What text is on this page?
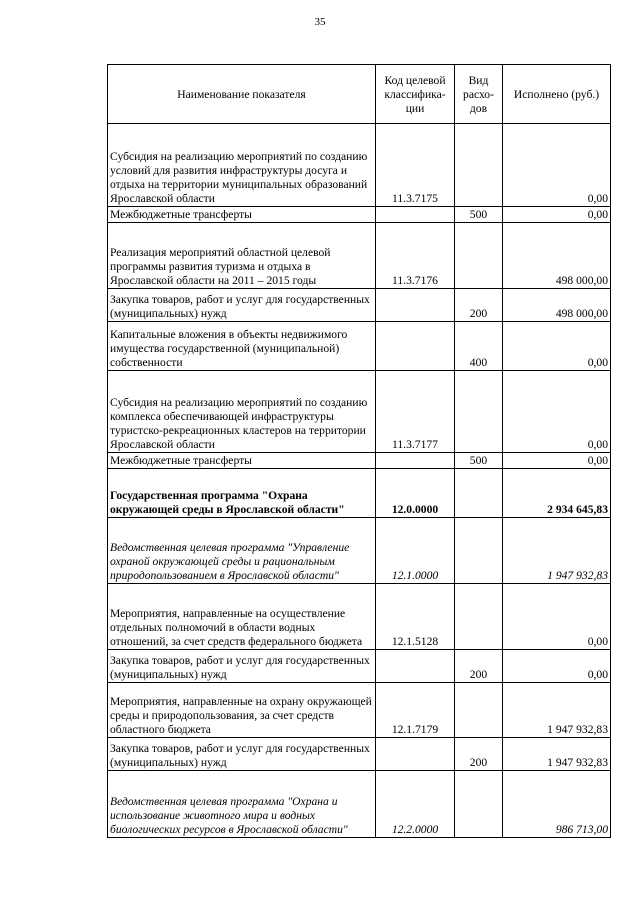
35
Наименование показателя	Код целевой классифика-ции	Вид расхо-дов	Исполнено (руб.)
Субсидия на реализацию мероприятий по созданию условий для развития инфраструктуры досуга и отдыха на территории муниципальных образований Ярославской области	11.3.7175		0,00
Межбюджетные трансферты		500	0,00
Реализация мероприятий областной целевой программы развития туризма и отдыха в Ярославской области на 2011 – 2015 годы	11.3.7176		498 000,00
Закупка товаров, работ и услуг для государственных (муниципальных) нужд		200	498 000,00
Капитальные вложения в объекты недвижимого имущества государственной (муниципальной) собственности		400	0,00
Субсидия на реализацию мероприятий по созданию комплекса обеспечивающей инфраструктуры туристско-рекреационных кластеров на территории Ярославской области	11.3.7177		0,00
Межбюджетные трансферты		500	0,00
Государственная программа "Охрана окружающей среды в Ярославской области"	12.0.0000		2 934 645,83
Ведомственная целевая программа "Управление охраной окружающей среды и рациональным природопользованием в Ярославской области"	12.1.0000		1 947 932,83
Мероприятия, направленные на осуществление отдельных полномочий в области водных отношений, за счет средств федерального бюджета	12.1.5128		0,00
Закупка товаров, работ и услуг для государственных (муниципальных) нужд		200	0,00
Мероприятия, направленные на охрану окружающей среды и природопользования, за счет средств областного бюджета	12.1.7179		1 947 932,83
Закупка товаров, работ и услуг для государственных (муниципальных) нужд		200	1 947 932,83
Ведомственная целевая программа "Охрана и использование животного мира и водных биологических ресурсов в Ярославской области"	12.2.0000		986 713,00
